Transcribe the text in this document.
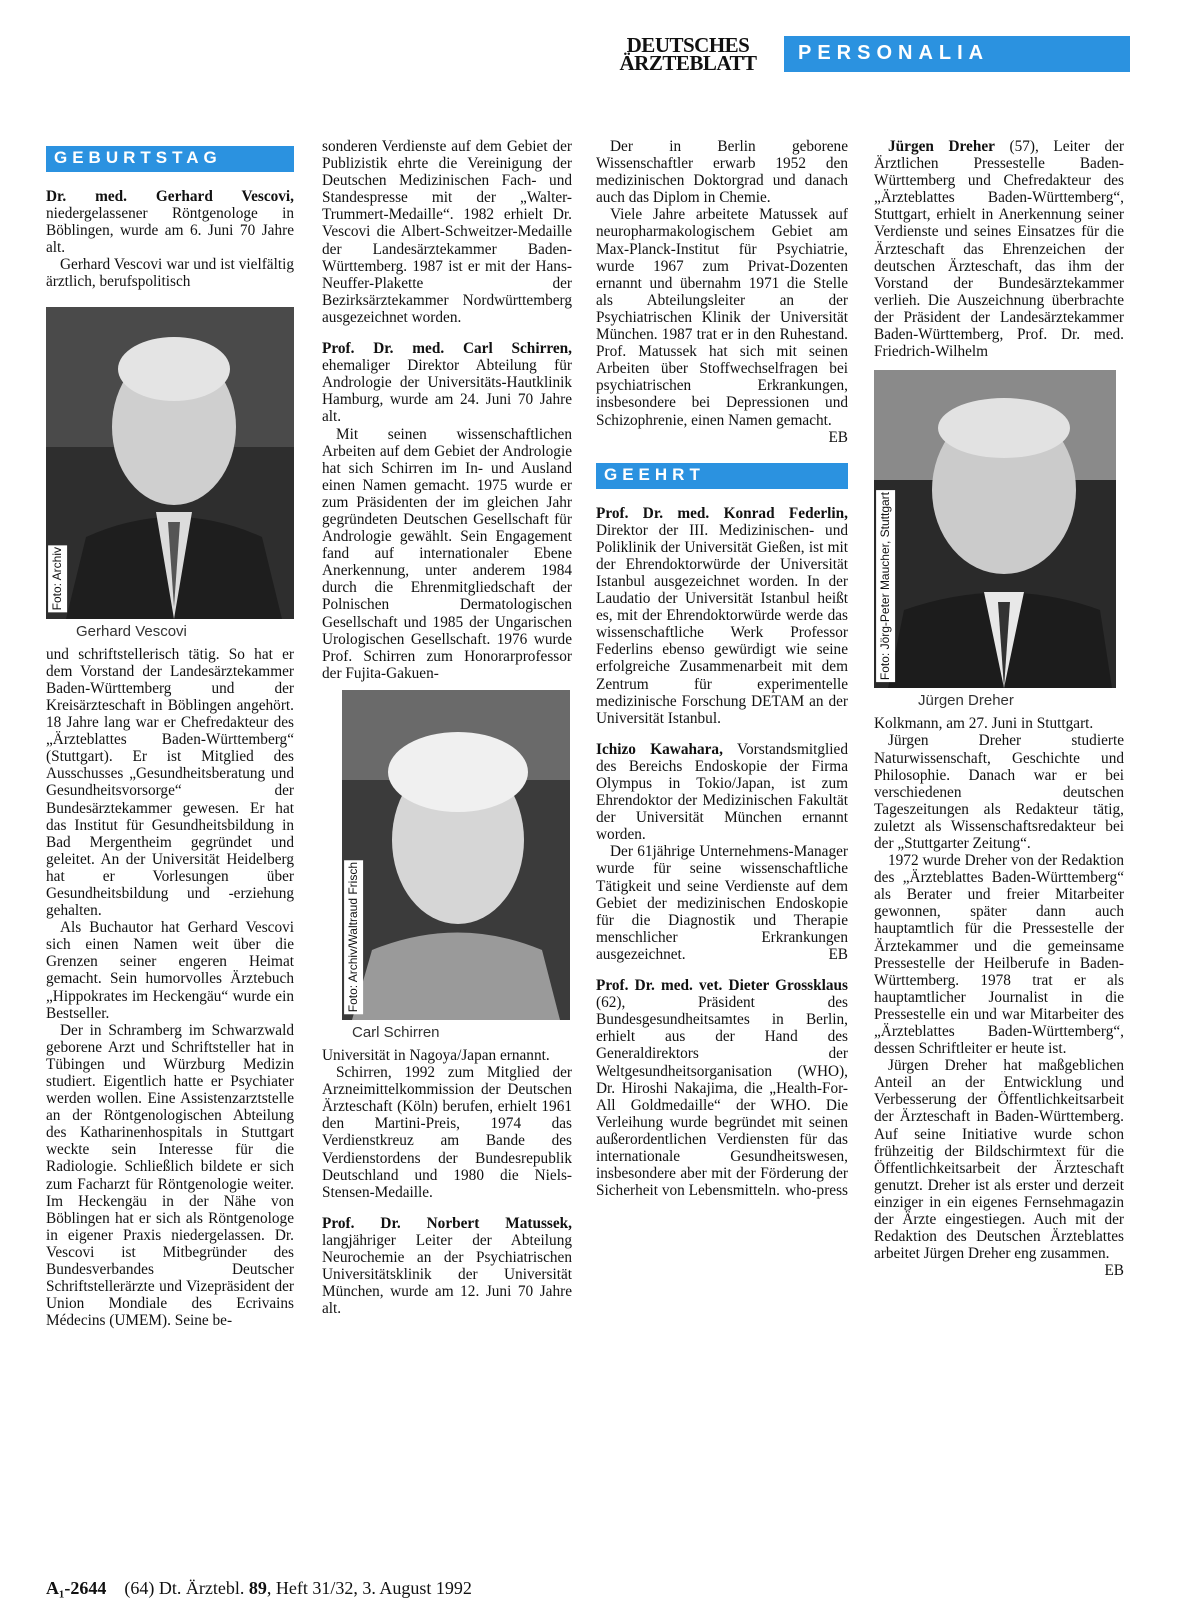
DEUTSCHES
ÄRZTEBLATT	PERSONALIA
GEBURTSTAG

Dr. med. Gerhard Vescovi, niedergelassener Röntgenologe in Böblingen, wurde am 6. Juni 70 Jahre alt.

Gerhard Vescovi war und ist vielfältig ärztlich, berufspolitisch

Foto: Archiv
Gerhard Vescovi

und schriftstellerisch tätig. So hat er dem Vorstand der Landesärztekammer Baden-Württemberg und der Kreisärzteschaft in Böblingen angehört. 18 Jahre lang war er Chefredakteur des „Ärzteblattes Baden-Württemberg“ (Stuttgart). Er ist Mitglied des Ausschusses „Gesundheitsberatung und Gesundheitsvorsorge“ der Bundesärztekammer gewesen. Er hat das Institut für Gesundheitsbildung in Bad Mergentheim gegründet und geleitet. An der Universität Heidelberg hat er Vorlesungen über Gesundheitsbildung und -erziehung gehalten.

Als Buchautor hat Gerhard Vescovi sich einen Namen weit über die Grenzen seiner engeren Heimat gemacht. Sein humorvolles Ärztebuch „Hippokrates im Heckengäu“ wurde ein Bestseller.

Der in Schramberg im Schwarzwald geborene Arzt und Schriftsteller hat in Tübingen und Würzburg Medizin studiert. Eigentlich hatte er Psychiater werden wollen. Eine Assistenzarztstelle an der Röntgenologischen Abteilung des Katharinenhospitals in Stuttgart weckte sein Interesse für die Radiologie. Schließlich bildete er sich zum Facharzt für Röntgenologie weiter. Im Heckengäu in der Nähe von Böblingen hat er sich als Röntgenologe in eigener Praxis niedergelassen. Dr. Vescovi ist Mitbegründer des Bundesverbandes Deutscher Schriftstellerärzte und Vizepräsident der Union Mondiale des Ecrivains Médecins (UMEM). Seine be-

sonderen Verdienste auf dem Gebiet der Publizistik ehrte die Vereinigung der Deutschen Medizinischen Fach- und Standespresse mit der „Walter-Trummert-Medaille“. 1982 erhielt Dr. Vescovi die Albert-Schweitzer-Medaille der Landesärztekammer Baden-Württemberg. 1987 ist er mit der Hans-Neuffer-Plakette der Bezirksärztekammer Nordwürttemberg ausgezeichnet worden.

Prof. Dr. med. Carl Schirren, ehemaliger Direktor Abteilung für Andrologie der Universitäts-Hautklinik Hamburg, wurde am 24. Juni 70 Jahre alt.

Mit seinen wissenschaftlichen Arbeiten auf dem Gebiet der Andrologie hat sich Schirren im In- und Ausland einen Namen gemacht. 1975 wurde er zum Präsidenten der im gleichen Jahr gegründeten Deutschen Gesellschaft für Andrologie gewählt. Sein Engagement fand auf internationaler Ebene Anerkennung, unter anderem 1984 durch die Ehrenmitgliedschaft der Polnischen Dermatologischen Gesellschaft und 1985 der Ungarischen Urologischen Gesellschaft. 1976 wurde Prof. Schirren zum Honorarprofessor der Fujita-Gakuen-

Foto: Archiv/Waltraud Frisch
Carl Schirren

Universität in Nagoya/Japan ernannt.

Schirren, 1992 zum Mitglied der Arzneimittelkommission der Deutschen Ärzteschaft (Köln) berufen, erhielt 1961 den Martini-Preis, 1974 das Verdienstkreuz am Bande des Verdienstordens der Bundesrepublik Deutschland und 1980 die Niels-Stensen-Medaille.

Prof. Dr. Norbert Matussek, langjähriger Leiter der Abteilung Neurochemie an der Psychiatrischen Universitätsklinik der Universität München, wurde am 12. Juni 70 Jahre alt.

Der in Berlin geborene Wissenschaftler erwarb 1952 den medizinischen Doktorgrad und danach auch das Diplom in Chemie.

Viele Jahre arbeitete Matussek auf neuropharmakologischem Gebiet am Max-Planck-Institut für Psychiatrie, wurde 1967 zum Privat-Dozenten ernannt und übernahm 1971 die Stelle als Abteilungsleiter an der Psychiatrischen Klinik der Universität München. 1987 trat er in den Ruhestand. Prof. Matussek hat sich mit seinen Arbeiten über Stoffwechselfragen bei psychiatrischen Erkrankungen, insbesondere bei Depressionen und Schizophrenie, einen Namen gemacht.
EB

GEEHRT

Prof. Dr. med. Konrad Federlin, Direktor der III. Medizinischen- und Poliklinik der Universität Gießen, ist mit der Ehrendoktorwürde der Universität Istanbul ausgezeichnet worden. In der Laudatio der Universität Istanbul heißt es, mit der Ehrendoktorwürde werde das wissenschaftliche Werk Professor Federlins ebenso gewürdigt wie seine erfolgreiche Zusammenarbeit mit dem Zentrum für experimentelle medizinische Forschung DETAM an der Universität Istanbul.

Ichizo Kawahara, Vorstandsmitglied des Bereichs Endoskopie der Firma Olympus in Tokio/Japan, ist zum Ehrendoktor der Medizinischen Fakultät der Universität München ernannt worden.

Der 61jährige Unternehmens-Manager wurde für seine wissenschaftliche Tätigkeit und seine Verdienste auf dem Gebiet der medizinischen Endoskopie für die Diagnostik und Therapie menschlicher Erkrankungen ausgezeichnet.	EB

Prof. Dr. med. vet. Dieter Grossklaus (62), Präsident des Bundesgesundheitsamtes in Berlin, erhielt aus der Hand des Generaldirektors der Weltgesundheitsorganisation (WHO), Dr. Hiroshi Nakajima, die „Health-For-All Goldmedaille“ der WHO. Die Verleihung wurde begründet mit seinen außerordentlichen Verdiensten für das internationale Gesundheitswesen, insbesondere aber mit der Förderung der Sicherheit von Lebensmitteln. who-press

Jürgen Dreher (57), Leiter der Ärztlichen Pressestelle Baden-Württemberg und Chefredakteur des „Ärzteblattes Baden-Württemberg“, Stuttgart, erhielt in Anerkennung seiner Verdienste und seines Einsatzes für die Ärzteschaft das Ehrenzeichen der deutschen Ärzteschaft, das ihm der Vorstand der Bundesärztekammer verlieh. Die Auszeichnung überbrachte der Präsident der Landesärztekammer Baden-Württemberg, Prof. Dr. med. Friedrich-Wilhelm

Foto: Jörg-Peter Maucher, Stuttgart
Jürgen Dreher

Kolkmann, am 27. Juni in Stuttgart.

Jürgen Dreher studierte Naturwissenschaft, Geschichte und Philosophie. Danach war er bei verschiedenen deutschen Tageszeitungen als Redakteur tätig, zuletzt als Wissenschaftsredakteur bei der „Stuttgarter Zeitung“.

1972 wurde Dreher von der Redaktion des „Ärzteblattes Baden-Württemberg“ als Berater und freier Mitarbeiter gewonnen, später dann auch hauptamtlich für die Pressestelle der Ärztekammer und die gemeinsame Pressestelle der Heilberufe in Baden-Württemberg. 1978 trat er als hauptamtlicher Journalist in die Pressestelle ein und war Mitarbeiter des „Ärzteblattes Baden-Württemberg“, dessen Schriftleiter er heute ist.

Jürgen Dreher hat maßgeblichen Anteil an der Entwicklung und Verbesserung der Öffentlichkeitsarbeit der Ärzteschaft in Baden-Württemberg. Auf seine Initiative wurde schon frühzeitig der Bildschirmtext für die Öffentlichkeitsarbeit der Ärzteschaft genutzt. Dreher ist als erster und derzeit einziger in ein eigenes Fernsehmagazin der Ärzte eingestiegen. Auch mit der Redaktion des Deutschen Ärzteblattes arbeitet Jürgen Dreher eng zusammen.
EB

A₁-2644 (64) Dt. Ärztebl. 89, Heft 31/32, 3. August 1992
